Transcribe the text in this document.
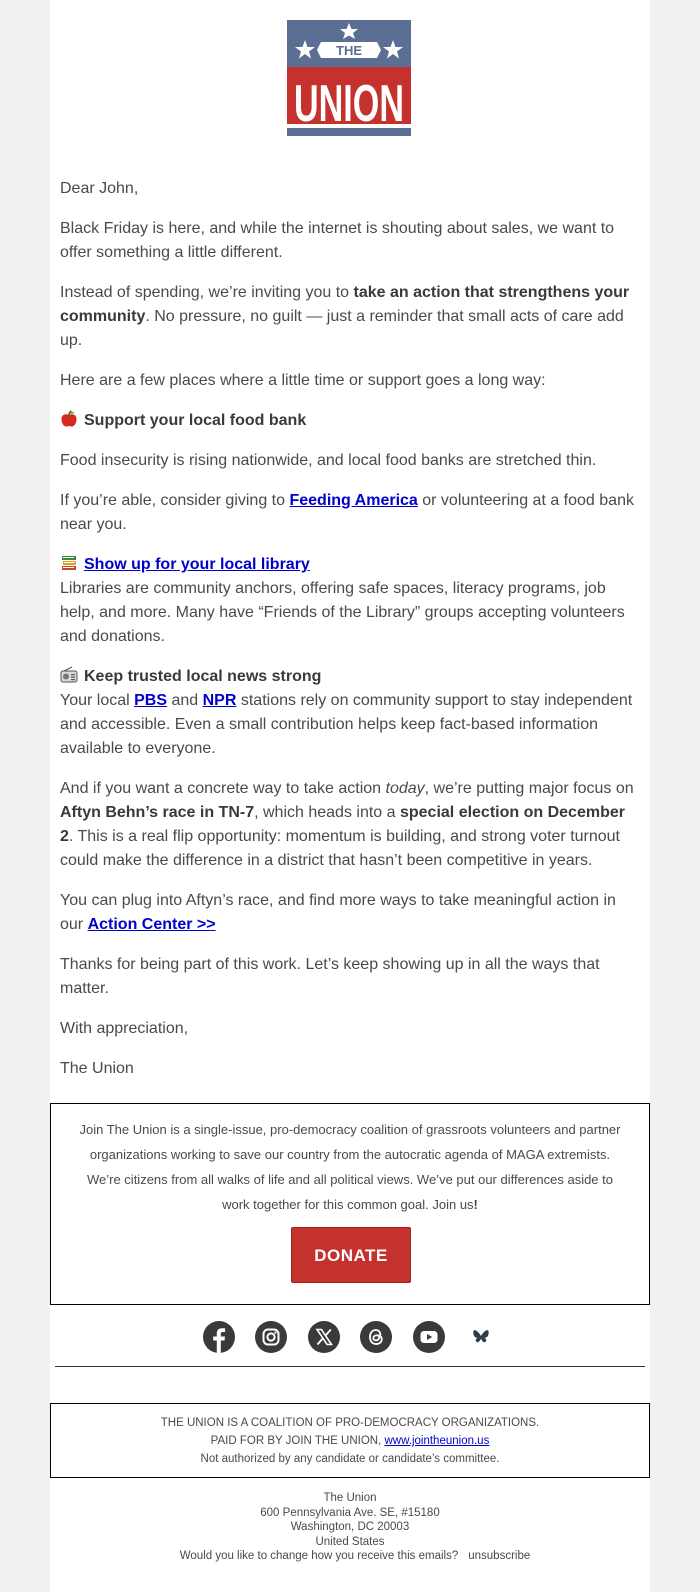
THE
UNION

Dear John,

Black Friday is here, and while the internet is shouting about sales, we want to offer something a little different.

Instead of spending, we’re inviting you to take an action that strengthens your community. No pressure, no guilt — just a reminder that small acts of care add up.

Here are a few places where a little time or support goes a long way:

Support your local food bank

Food insecurity is rising nationwide, and local food banks are stretched thin.

If you’re able, consider giving to Feeding America or volunteering at a food bank near you.

Show up for your local library
Libraries are community anchors, offering safe spaces, literacy programs, job help, and more. Many have “Friends of the Library” groups accepting volunteers and donations.

Keep trusted local news strong
Your local PBS and NPR stations rely on community support to stay independent and accessible. Even a small contribution helps keep fact-based information available to everyone.

And if you want a concrete way to take action today, we’re putting major focus on Aftyn Behn’s race in TN-7, which heads into a special election on December 2. This is a real flip opportunity: momentum is building, and strong voter turnout could make the difference in a district that hasn’t been competitive in years.

You can plug into Aftyn’s race, and find more ways to take meaningful action in our Action Center >>

Thanks for being part of this work. Let’s keep showing up in all the ways that matter.

With appreciation,

The Union

Join The Union is a single-issue, pro-democracy coalition of grassroots volunteers and partner organizations working to save our country from the autocratic agenda of MAGA extremists. We’re citizens from all walks of life and all political views. We’ve put our differences aside to work together for this common goal. Join us!
DONATE

THE UNION IS A COALITION OF PRO-DEMOCRACY ORGANIZATIONS.
PAID FOR BY JOIN THE UNION, www.jointheunion.us
Not authorized by any candidate or candidate’s committee.
The Union
600 Pennsylvania Ave. SE, #15180
Washington, DC 20003
United States
Would you like to change how you receive this emails? unsubscribe
